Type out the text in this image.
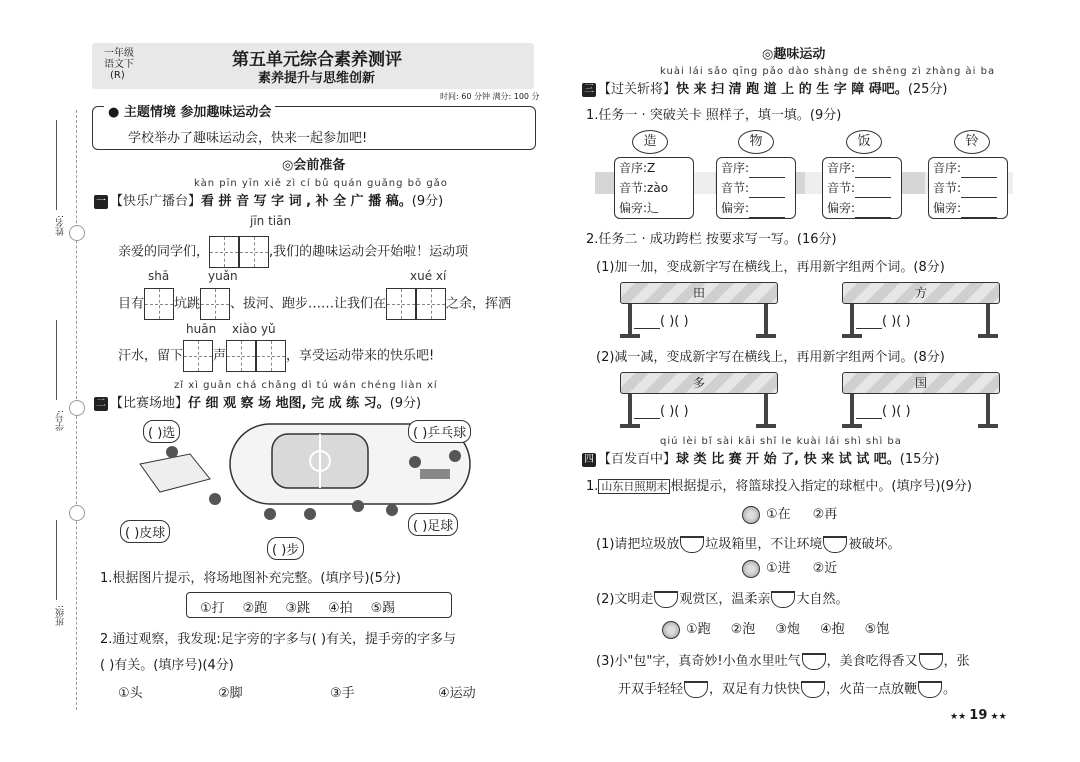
姓名:
学号:
班级:
一年级
语文下
(R)
第五单元综合素养测评
素养提升与思维创新
时间: 60 分钟 满分: 100 分
● 主题情境 参加趣味运动会
学校举办了趣味运动会，快来一起参加吧!
◎会前准备
kàn pīn yīn xiě zì cí bǔ quán guǎng bō gǎo
一 【快乐广播台】看 拼 音 写 字 词 , 补 全 广 播 稿。(9分)
jīn tiān
亲爱的同学们，	,我们的趣味运动会开始啦！运动项
shā	yuǎn	xué xí
目有 坑跳 、拔河、跑步……让我们在	之余，挥洒
huān xiào yǔ
汗水，留下 声	，享受运动带来的快乐吧!
zǐ xì guān chá chǎng dì tú wán chéng liàn xí
二 【比赛场地】仔 细 观 察 场 地图, 完 成 练 习。(9分)
( )选	( )乒乓球
( )皮球	( )足球
( )步
1.根据图片提示，将场地图补充完整。(填序号)(5分)
①打 ②跑 ③跳 ④拍 ⑤踢
2.通过观察，我发现:足字旁的字多与( )有关，提手旁的字多与
( )有关。(填序号)(4分)
①头	②脚	③手	④运动
◎趣味运动
kuài lái sǎo qīng pǎo dào shàng de shēng zì zhàng ài ba
三 【过关斩将】快 来 扫 清 跑 道 上 的 生 字 障 碍吧。(25分)
1.任务一 · 突破关卡 照样子，填一填。(9分)
造	物	饭	铃
音序:Z
音节:zào
偏旁:辶
音序:
音节:
偏旁:
音序:
音节:
偏旁:
音序:
音节:
偏旁:
2.任务二 · 成功跨栏 按要求写一写。(16分)
(1)加一加，变成新字写在横线上，再用新字组两个词。(8分)
田
( )( )
方
( )( )
(2)减一减，变成新字写在横线上，再用新字组两个词。(8分)
多
( )( )
国
( )( )
qiú lèi bǐ sài kāi shǐ le kuài lái shì shì ba
四 【百发百中】球 类 比 赛 开 始 了, 快 来 试 试 吧。(15分)
1. 山东日照期末 根据提示，将篮球投入指定的球框中。(填序号)(9分)
①在 ②再
(1)请把垃圾放 垃圾箱里，不让环境 被破坏。
①进 ②近
(2)文明走 观赏区，温柔亲 大自然。
①跑 ②泡 ③炮 ④抱 ⑤饱
(3)小"包"字，真奇妙!小鱼水里吐气 ，美食吃得香又 ，张
开双手轻轻 ，双足有力快快 ，火苗一点放鞭 。
★★ 19 ★★
